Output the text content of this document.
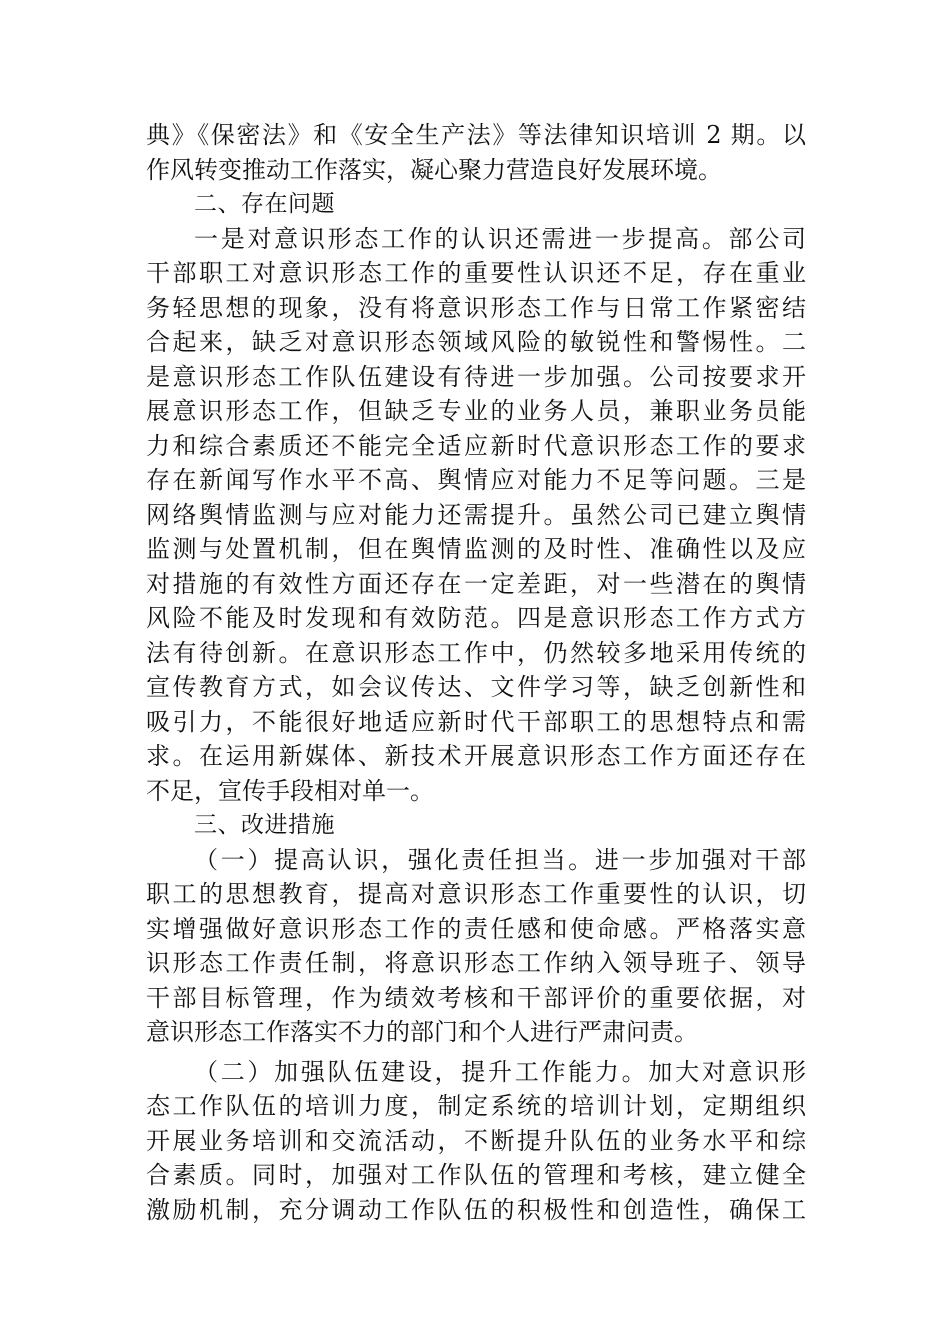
典》《保密法》和《安全生产法》等法律知识培训 2 期。以
作风转变推动工作落实，凝心聚力营造良好发展环境。
二、存在问题
一是对意识形态工作的认识还需进一步提高。部公司
干部职工对意识形态工作的重要性认识还不足，存在重业
务轻思想的现象，没有将意识形态工作与日常工作紧密结
合起来，缺乏对意识形态领域风险的敏锐性和警惕性。二
是意识形态工作队伍建设有待进一步加强。公司按要求开
展意识形态工作，但缺乏专业的业务人员，兼职业务员能
力和综合素质还不能完全适应新时代意识形态工作的要求
存在新闻写作水平不高、舆情应对能力不足等问题。三是
网络舆情监测与应对能力还需提升。虽然公司已建立舆情
监测与处置机制，但在舆情监测的及时性、准确性以及应
对措施的有效性方面还存在一定差距，对一些潜在的舆情
风险不能及时发现和有效防范。四是意识形态工作方式方
法有待创新。在意识形态工作中，仍然较多地采用传统的
宣传教育方式，如会议传达、文件学习等，缺乏创新性和
吸引力，不能很好地适应新时代干部职工的思想特点和需
求。在运用新媒体、新技术开展意识形态工作方面还存在
不足，宣传手段相对单一。
三、改进措施
（一）提高认识，强化责任担当。进一步加强对干部
职工的思想教育，提高对意识形态工作重要性的认识，切
实增强做好意识形态工作的责任感和使命感。严格落实意
识形态工作责任制，将意识形态工作纳入领导班子、领导
干部目标管理，作为绩效考核和干部评价的重要依据，对
意识形态工作落实不力的部门和个人进行严肃问责。
（二）加强队伍建设，提升工作能力。加大对意识形
态工作队伍的培训力度，制定系统的培训计划，定期组织
开展业务培训和交流活动，不断提升队伍的业务水平和综
合素质。同时，加强对工作队伍的管理和考核，建立健全
激励机制，充分调动工作队伍的积极性和创造性，确保工
